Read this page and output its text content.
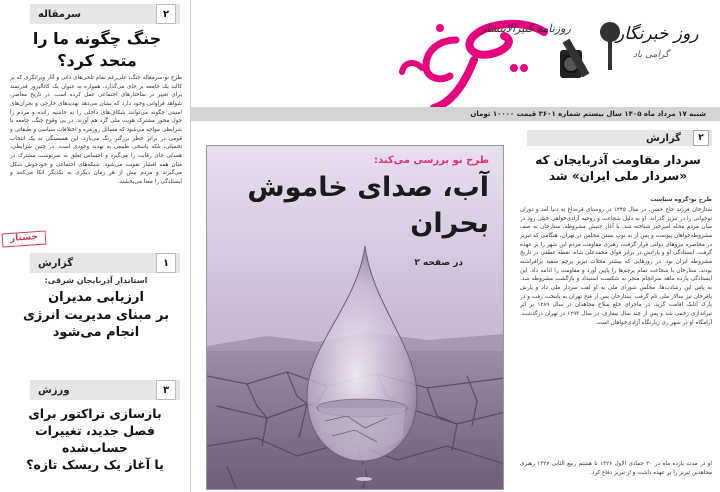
۲
سرمقاله
جنگ چگونه ما را
متحد کرد؟
طرح نو-سرمقاله جنگ، علی‌رغم تمام تلخی‌های ذاتی و آثار ویرانگری که بر کالبد یک جامعه بر جای می‌گذارد، همواره به عنوان یک کاتالیزور قدرتمند برای تغییر در ساختارهای اجتماعی عمل کرده است. در تاریخ معاصر، شواهد فراوانی وجود دارد که نشان می‌دهد تهدیدهای خارجی و بحران‌های امنیتی چگونه می‌توانند شکاف‌های داخلی را به حاشیه رانده و مردم را حول محور مشترک هویت ملی گرد هم آورند. در پی وقوع جنگ، جامعه با شرایطی مواجه می‌شود که مسائل روزمره و اختلافات سیاسی و طبقاتی و قومی در برابر خطر بزرگتر رنگ می‌بازد. این همبستگی نه یک انتخاب تحمیلی، بلکه پاسخی طبیعی به تهدید وجودی است. در چنین شرایطی، همدلی جای رقابت را می‌گیرد و احساس تعلق به سرنوشت مشترک در میان همه اقشار تقویت می‌شود. شبکه‌های اجتماعی و خودجوش شکل می‌گیرند و مردم بیش از هر زمان دیگری به یکدیگر اتکا می‌کنند و ایستادگی را معنا می‌بخشند.
جستار
۱
گزارش
استاندار آذربایجان شرقی:
ارزیابی مدیران
بر مبنای مدیریت انرژی
انجام می‌شود
۳
ورزش
بازسازی تراکتور برای
فصل جدید، تغییرات حساب‌شده
یا آغاز یک ریسک تازه؟
روز خبرنگار
گرامی باد
روزنامه کثیرالانتشار
شنبه ۱۷ مرداد ماه ۱۴۰۵ سال بیستم شماره ۳۶۰۱ قیمت ۱۰۰۰۰ تومان
طرح نو بررسی می‌کند:
آب، صدای خاموش
بحران
در صفحه ۲
۲
گزارش
سردار مقاومت آذربایجان که
«سردار ملی ایران» شد
طرح نو-گروه سیاست
ستارخان فرزند حاج حسن، در سال ۱۲۴۵ در روستای قره‌داغ به دنیا آمد و دوران نوجوانی را در تبریز گذراند. او به دلیل شجاعت و روحیه آزادی‌خواهی خیلی زود در میان مردم محله امیرخیز شناخته شد. با آغاز جنبش مشروطه، ستارخان به صف مشروطه‌خواهان پیوست و پس از به توپ بستن مجلس در تهران، هنگامی که تبریز در محاصره نیروهای دولتی قرار گرفت، رهبری مقاومت مردم این شهر را بر عهده گرفت. ایستادگی او و یارانش در برابر قوای محمدعلی شاه، نقطه عطفی در تاریخ مشروطه ایران بود. در روزهایی که بیشتر محلات تبریز پرچم سفید برافراشته بودند، ستارخان با شجاعت تمام پرچم‌ها را پایین آورد و مقاومت را ادامه داد. این ایستادگی یازده ماهه سرانجام منجر به شکست استبداد و بازگشت مشروطه شد. به پاس این رشادت‌ها، مجلس شورای ملی به او لقب سردار ملی داد و یارش باقرخان نیز سالار ملی نام گرفت. ستارخان پس از فتح تهران به پایتخت رفت و در پارک اتابک اقامت گزید. در ماجرای خلع سلاح مجاهدان در سال ۱۲۸۹ بر اثر تیراندازی زخمی شد و پس از چند سال بیماری، در سال ۱۲۹۳ در تهران درگذشت. آرامگاه او در شهر ری زیارتگاه آزادی‌خواهان است.
او در مدت یازده ماه در ۲۰ جمادی الاول ۱۳۲۶ تا هشتم ربیع الثانی ۱۳۲۷ رهبری مجاهدین تبریز را بر عهده داشت و از تبریز دفاع کرد.
